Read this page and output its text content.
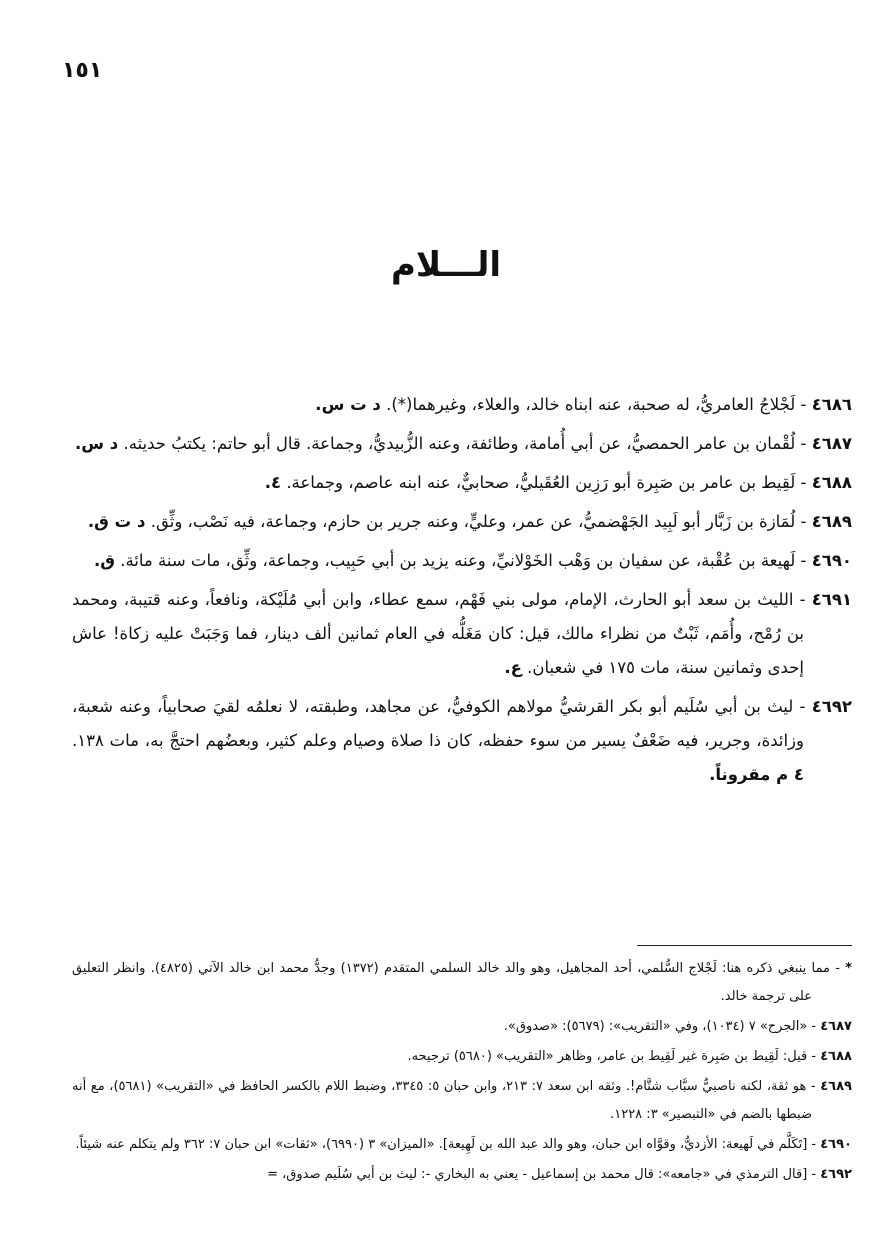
١٥١
الـــلام

٤٦٨٦ - لَجْلاجُ العامريُّ، له صحبة، عنه ابناه خالد، والعلاء، وغيرهما(*). د ت س.

٤٦٨٧ - لُقْمان بن عامر الحمصيُّ، عن أبي أُمامة، وطائفة، وعنه الزُّبيديُّ، وجماعة. قال أبو حاتم: يكتبُ حديثه. د س.

٤٦٨٨ - لَقِيط بن عامر بن صَبِرة أبو رَزِين العُقَيليُّ، صحابيٌّ، عنه ابنه عاصم، وجماعة. ٤.

٤٦٨٩ - لُمَازة بن زَبَّار أبو لَبِيد الجَهْضميُّ، عن عمر، وعليٍّ، وعنه جرير بن حازم، وجماعة، فيه نَصْب، وثِّق. د ت ق.

٤٦٩٠ - لَهيعة بن عُقْبة، عن سفيان بن وَهْب الخَوْلانيِّ، وعنه يزيد بن أبي حَبِيب، وجماعة، وثِّق، مات سنة مائة. ق.

٤٦٩١ - الليث بن سعد أبو الحارث، الإمام، مولى بني فَهْم، سمع عطاء، وابن أبي مُلَيْكة، ونافعاً، وعنه قتيبة، ومحمد بن رُمْح، وأُمَم، ثَبْتٌ من نظراء مالك، قيل: كان مَغَلُّه في العام ثمانين ألف دينار، فما وَجَبَتْ عليه زكاة! عاش إحدى وثمانين سنة، مات ١٧٥ في شعبان. ع.

٤٦٩٢ - ليث بن أبي سُلَيم أبو بكر القرشيُّ مولاهم الكوفيُّ، عن مجاهد، وطبقته، لا نعلمُه لقيَ صحابياً، وعنه شعبة، وزائدة، وجرير، فيه ضَعْفٌ يسير من سوء حفظه، كان ذا صلاة وصيام وعلم كثير، وبعضُهم احتجَّ به، مات ١٣٨. ٤ م مقروناً.

* - مما ينبغي ذكره هنا: لَجْلاج السُّلمي، أحد المجاهيل، وهو والد خالد السلمي المتقدم (١٣٧٢) وجدُّ محمد ابن خالد الآتي (٤٨٢٥). وانظر التعليق على ترجمة خالد.

٤٦٨٧ - «الجرح» ٧ (١٠٣٤)، وفي «التقريب»: (٥٦٧٩): «صدوق».

٤٦٨٨ - قيل: لَقِيط بن صَبِرة غير لَقِيط بن عامر، وظاهر «التقريب» (٥٦٨٠) ترجيحه.

٤٦٨٩ - هو ثقة، لكنه ناصبيٌّ سبَّاب شتَّام!. وثقه ابن سعد ٧: ٢١٣، وابن حبان ٥: ٣٣٤٥، وضبط اللام بالكسر الحافظ في «التقريب» (٥٦٨١)، مع أنه ضبطها بالضم في «التبصير» ٣: ١٢٢٨.

٤٦٩٠ - [تَكَلَّم في لَهيعة: الأزديُّ، وقوَّاه ابن حبان، وهو والد عبد الله بن لَهِيعة]. «الميزان» ٣ (٦٩٩٠)، «ثقات» ابن حبان ٧: ٣٦٢ ولم يتكلم عنه شيئاً.

٤٦٩٢ - [قال الترمذي في «جامعه»: قال محمد بن إسماعيل - يعني به البخاري -: ليث بن أبي سُلَيم صدوق، =
